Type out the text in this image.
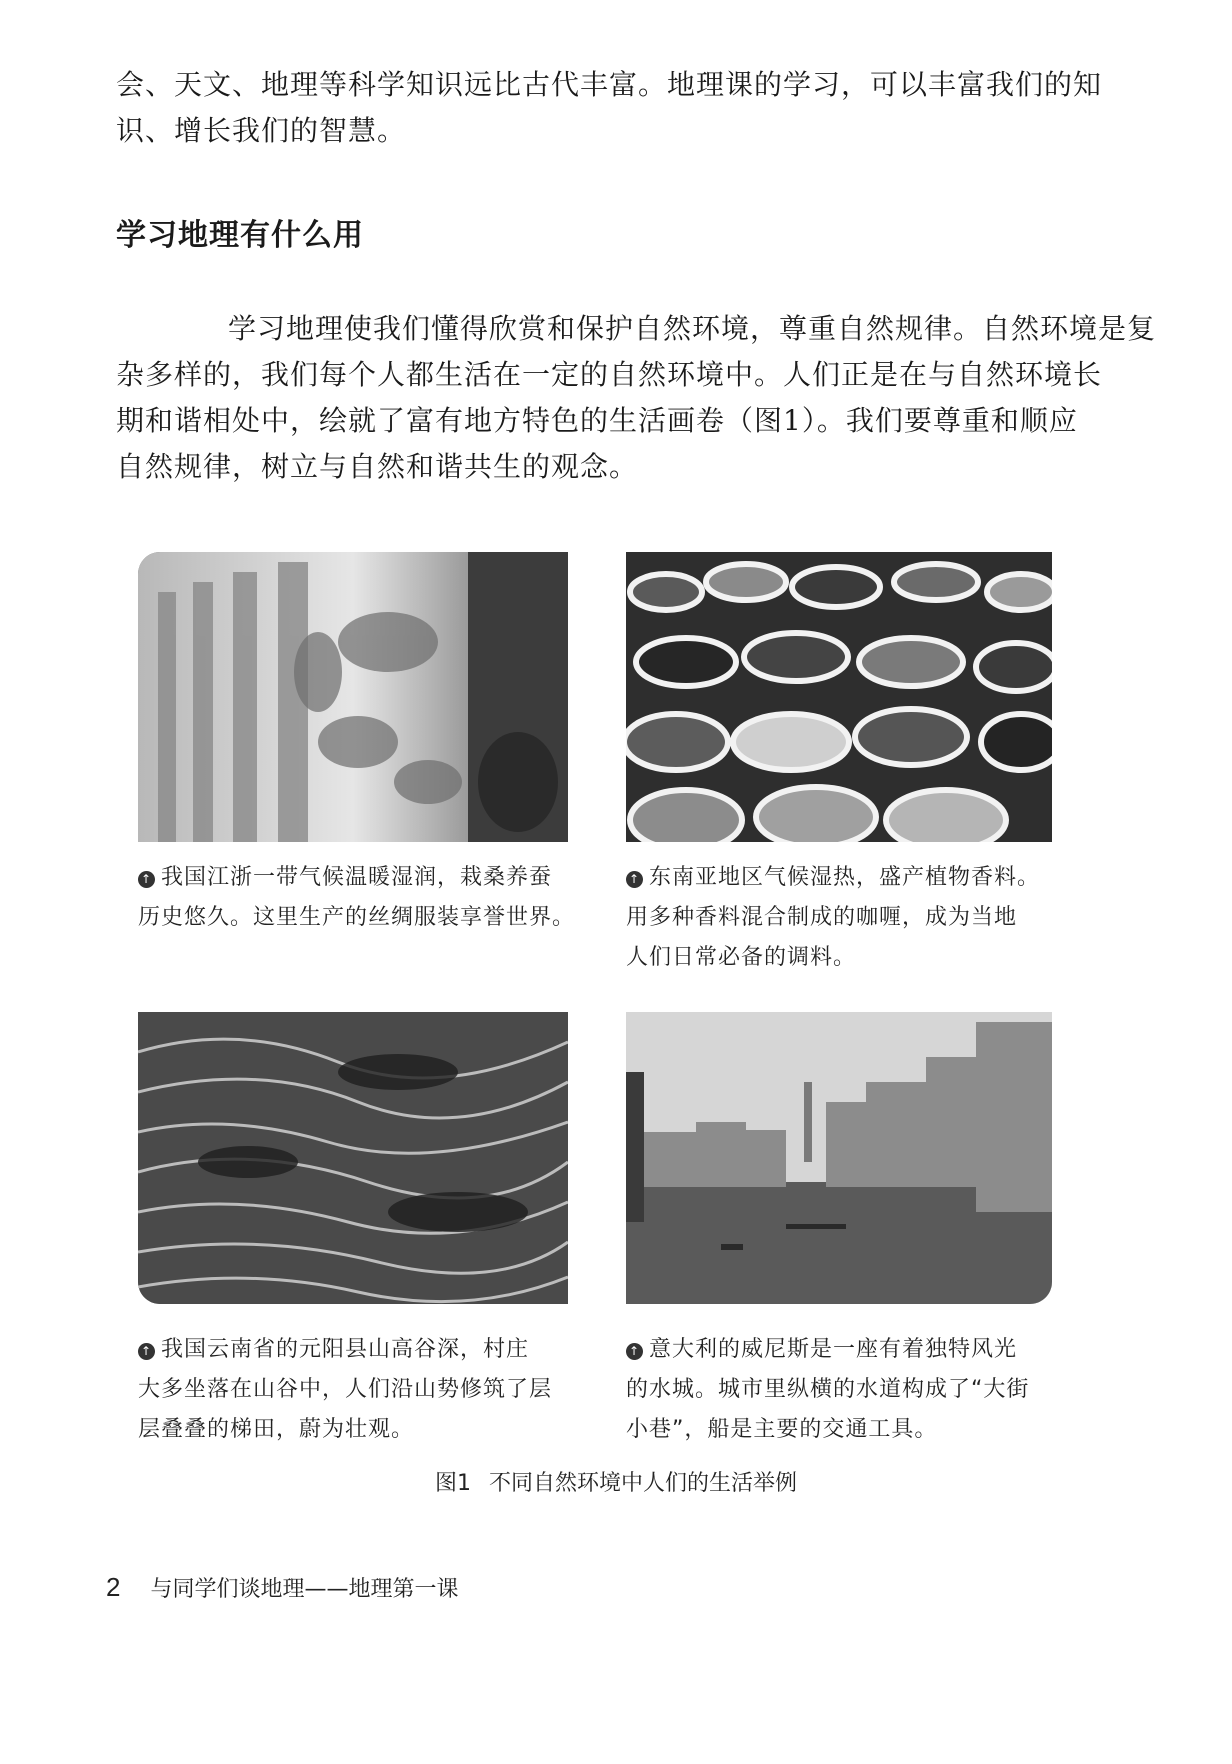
会、天文、地理等科学知识远比古代丰富。地理课的学习，可以丰富我们的知
识、增长我们的智慧。
学习地理有什么用
学习地理使我们懂得欣赏和保护自然环境，尊重自然规律。自然环境是复
杂多样的，我们每个人都生活在一定的自然环境中。人们正是在与自然环境长
期和谐相处中，绘就了富有地方特色的生活画卷（图1）。我们要尊重和顺应
自然规律，树立与自然和谐共生的观念。
↑ 我国江浙一带气候温暖湿润，栽桑养蚕
历史悠久。这里生产的丝绸服装享誉世界。
↑ 东南亚地区气候湿热，盛产植物香料。
用多种香料混合制成的咖喱，成为当地
人们日常必备的调料。
↑ 我国云南省的元阳县山高谷深，村庄
大多坐落在山谷中，人们沿山势修筑了层
层叠叠的梯田，蔚为壮观。
↑ 意大利的威尼斯是一座有着独特风光
的水城。城市里纵横的水道构成了“大街
小巷”，船是主要的交通工具。
图1 不同自然环境中人们的生活举例
2 与同学们谈地理——地理第一课
